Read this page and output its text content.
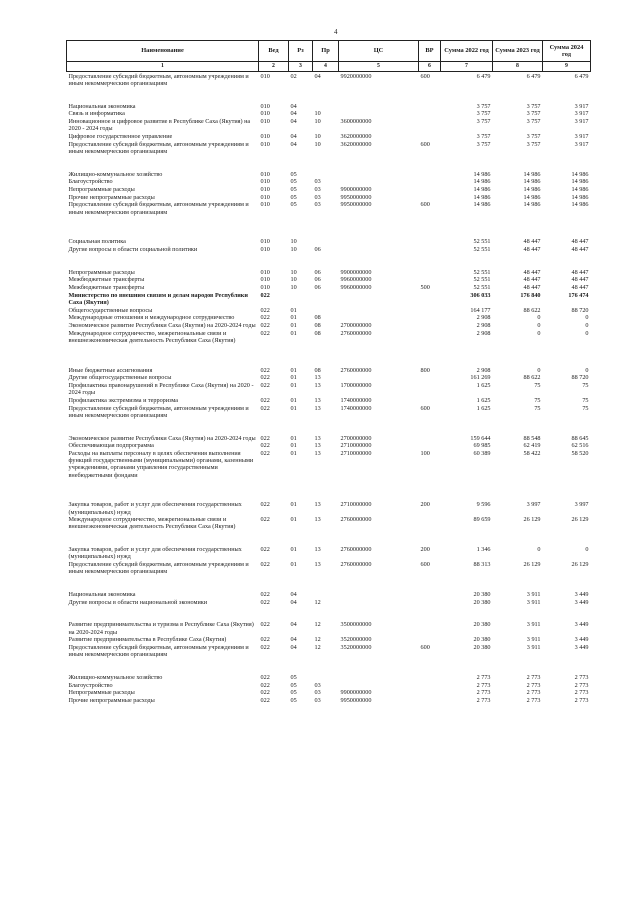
4
Наименование	Вед	Рз	Пр	ЦС	ВР	Сумма 2022 год	Сумма 2023 год	Сумма 2024 год
1	2	3	4	5	6	7	8	9
Предоставление субсидий бюджетным, автономным учреждениям и иным некоммерческим организациям	010	02	04	9920000000	600	6 479	6 479	6 479

Национальная экономика	010	04				3 757	3 757	3 917
Связь и информатика	010	04	10			3 757	3 757	3 917
Инновационное и цифровое развитие в Республике Саха (Якутия) на 2020 - 2024 годы	010	04	10	3600000000		3 757	3 757	3 917
Цифровое государственное управление	010	04	10	3620000000		3 757	3 757	3 917
Предоставление субсидий бюджетным, автономным учреждениям и иным некоммерческим организациям	010	04	10	3620000000	600	3 757	3 757	3 917

Жилищно-коммунальное хозяйство	010	05				14 986	14 986	14 986
Благоустройство	010	05	03			14 986	14 986	14 986
Непрограммные расходы	010	05	03	9900000000		14 986	14 986	14 986
Прочие непрограммные расходы	010	05	03	9950000000		14 986	14 986	14 986
Предоставление субсидий бюджетным, автономным учреждениям и иным некоммерческим организациям	010	05	03	9950000000	600	14 986	14 986	14 986

Социальная политика	010	10				52 551	48 447	48 447
Другие вопросы в области социальной политики	010	10	06			52 551	48 447	48 447

Непрограммные расходы	010	10	06	9900000000		52 551	48 447	48 447
Межбюджетные трансферты	010	10	06	9960000000		52 551	48 447	48 447
Межбюджетные трансферты	010	10	06	9960000000	500	52 551	48 447	48 447
Министерство по внешним связям и делам народов Республики Саха (Якутия)	022					306 033	176 840	176 474
Общегосударственные вопросы	022	01				164 177	88 622	88 720
Международные отношения и международное сотрудничество	022	01	08			2 908	0	0
Экономическое развитие Республики Саха (Якутия) на 2020-2024 годы	022	01	08	2700000000		2 908	0	0
Международное сотрудничество, межрегиональные связи и внешнеэкономическая деятельность Республики Саха (Якутия)	022	01	08	2760000000		2 908	0	0

Иные бюджетные ассигнования	022	01	08	2760000000	800	2 908	0	0
Другие общегосударственные вопросы	022	01	13			161 269	88 622	88 720
Профилактика правонарушений в Республике Саха (Якутия) на 2020 - 2024 годы	022	01	13	1700000000		1 625	75	75
Профилактика экстремизма и терроризма	022	01	13	1740000000		1 625	75	75
Предоставление субсидий бюджетным, автономным учреждениям и иным некоммерческим организациям	022	01	13	1740000000	600	1 625	75	75

Экономическое развитие Республики Саха (Якутия) на 2020-2024 годы	022	01	13	2700000000		159 644	88 548	88 645
Обеспечивающая подпрограмма	022	01	13	2710000000		69 985	62 419	62 516
Расходы на выплаты персоналу в целях обеспечения выполнения функций государственными (муниципальными) органами, казенными учреждениями, органами управления государственными внебюджетными фондами	022	01	13	2710000000	100	60 389	58 422	58 520

Закупка товаров, работ и услуг для обеспечения государственных (муниципальных) нужд	022	01	13	2710000000	200	9 596	3 997	3 997
Международное сотрудничество, межрегиональные связи и внешнеэкономическая деятельность Республики Саха (Якутия)	022	01	13	2760000000		89 659	26 129	26 129

Закупка товаров, работ и услуг для обеспечения государственных (муниципальных) нужд	022	01	13	2760000000	200	1 346	0	0
Предоставление субсидий бюджетным, автономным учреждениям и иным некоммерческим организациям	022	01	13	2760000000	600	88 313	26 129	26 129

Национальная экономика	022	04				20 380	3 911	3 449
Другие вопросы в области национальной экономики	022	04	12			20 380	3 911	3 449

Развитие предпринимательства и туризма в Республике Саха (Якутия) на 2020-2024 годы	022	04	12	3500000000		20 380	3 911	3 449
Развитие предпринимательства в Республике Саха (Якутия)	022	04	12	3520000000		20 380	3 911	3 449
Предоставление субсидий бюджетным, автономным учреждениям и иным некоммерческим организациям	022	04	12	3520000000	600	20 380	3 911	3 449

Жилищно-коммунальное хозяйство	022	05				2 773	2 773	2 773
Благоустройство	022	05	03			2 773	2 773	2 773
Непрограммные расходы	022	05	03	9900000000		2 773	2 773	2 773
Прочие непрограммные расходы	022	05	03	9950000000		2 773	2 773	2 773
